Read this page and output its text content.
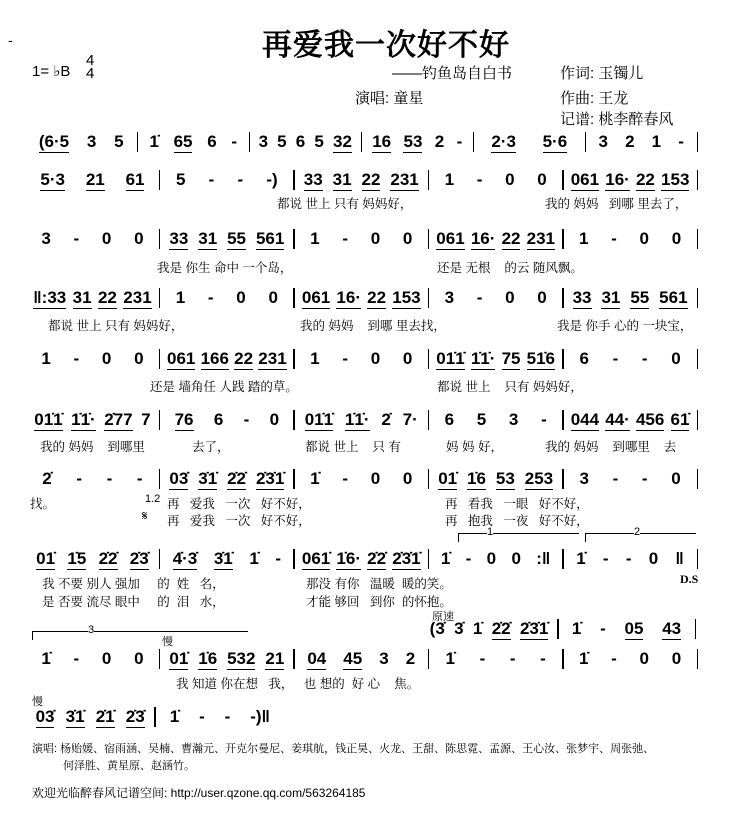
-	再爱我一次好不好
1= ♭B
4
4	——钓鱼岛自白书	作词: 玉镯儿
演唱: 童星	作曲: 王龙
记谱: 桃李醉春风
(6·5 3 5 1̇ 65 6 - 3 5 6 5 32 16 53 2 - 2·3 5·6 3 2 1 -
5·3 21 61 5 - - -) 33 31 22 231 1 - 0 0 061 16· 22 153
3 - 0 0 33 31 55 561 1 - 0 0 061 16· 22 231 1 - 0 0
‖:33 31 22 231 1 - 0 0 061 16· 22 153 3 - 0 0 33 31 55 561
1 - 0 0 061 166 22 231 1 - 0 0 01̇1̇ 1̇1̇· 75 51̇6 6 - - 0
01̇1̇ 1̇1̇· 2̇77 7 76 6 - 0 01̇1̇ 1̇1̇· 2̇ 7· 6 5 3 - 044 44· 456 61̇
2̇ - - - 03̇ 3̇1̇ 2̇2̇ 2̇3̇1̇ 1̇ - 0 0 01̇ 1̇6 53 253 3 - - 0
01̇ 1̇5 2̇2̇ 2̇3̇ 4̇·3̇ 3̇1̇ 1̇ - 061̇ 1̇6· 2̇2̇ 2̇3̇1̇ 1̇ - 0 0 :‖ 1̇ - - 0 ‖
1̇ - 0 0 01̇ 1̇6 532 21 04 45 3 2 1̇ - - - 1̇ - 0 0
03̇ 3̇1̇ 2̇1̇ 2̇3̇ 1̇ - - -)‖
(3̇ 3̇ 1̇ 2̇2̇ 2̇3̇1̇ 1̇ - 05 43
原速
慢
慢
D.S
1	2
3
1.2
𝄋
都说 世上 只有 妈妈好，	我的 妈妈   到哪 里去了，
我是 你生 命中 一个岛，	还是 无根    的云 随风飘。
都说 世上 只有 妈妈好，	我的 妈妈    到哪 里去找，	我是 你手 心的 一块宝，
还是 墙角任 人践 踏的草。	都说 世上    只有 妈妈好，
我的 妈妈    到哪里	去了，	都说 世上    只 有	妈 妈 好，	我的 妈妈    到哪里    去
找。	再   爱我   一次   好不好，	再   看我   一眼   好不好，
再   爱我   一次   好不好，	再   抱我   一夜   好不好，
我 不要 别人 强加     的  姓   名，	那没 有你   温暖  暖的笑。
是 否要 流尽 眼中     的  泪   水，	才能 够回   到你  的怀抱。
我 知道 你在想   我，   也 想的  好 心    焦。
演唱: 杨贻媛、宿雨涵、吴楠、曹瀚元、开克尔曼尼、姜琪航，钱正昊、火龙、王甜、陈思霓、孟源、王心汝、张梦宇、周张弛、
何泽胜、黄星原、赵涵竹。
欢迎光临醉春风记谱空间: http://user.qzone.qq.com/563264185
